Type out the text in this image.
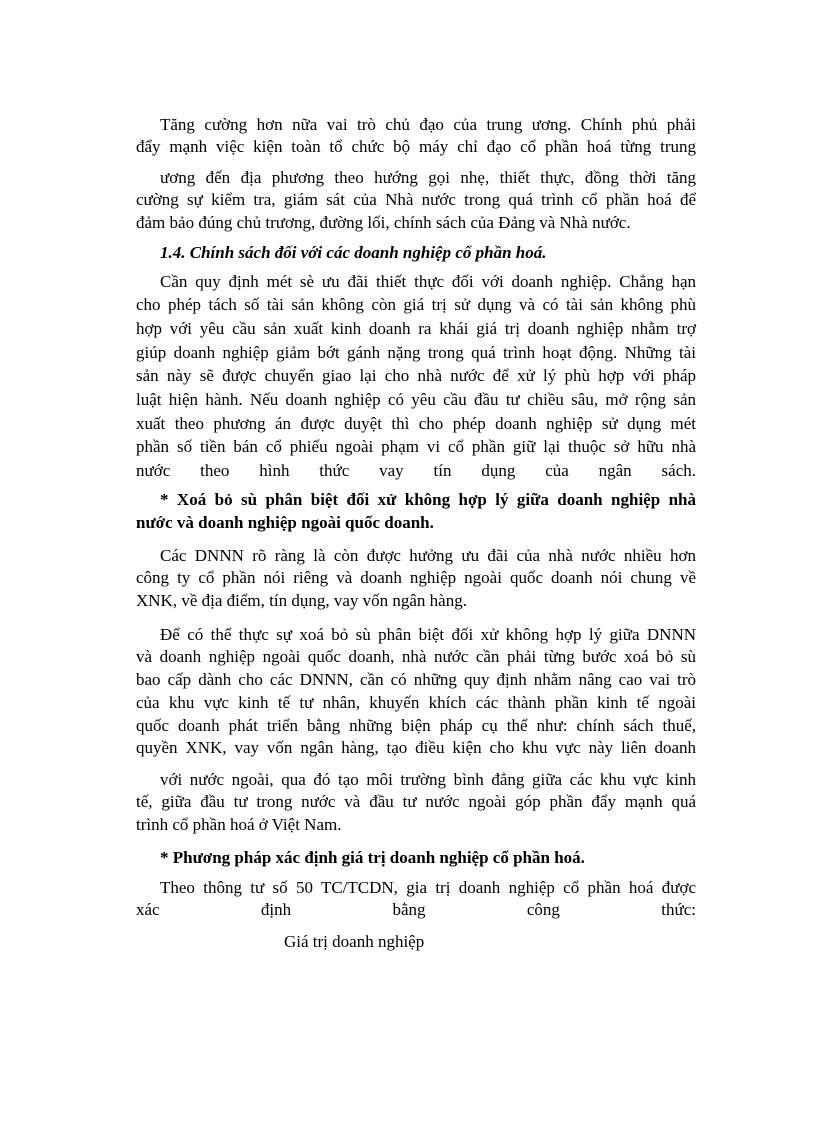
Tăng cường hơn nữa vai trò chủ đạo của trung ương. Chính phủ phải
đẩy mạnh việc kiện toàn tổ chức bộ máy chỉ đạo cổ phần hoá từng trung
ương đến địa phương theo hướng gọi nhẹ, thiết thực, đồng thời tăng
cường sự kiểm tra, giám sát của Nhà nước trong quá trình cổ phần hoá để
đảm bảo đúng chủ trương, đường lối, chính sách của Đảng và Nhà nước.
1.4. Chính sách đối với các doanh nghiệp cổ phần hoá.
Cần quy định mét sè ưu đãi thiết thực đối với doanh nghiệp. Chẳng hạn
cho phép tách số tài sản không còn giá trị sử dụng và có tài sản không phù
hợp với yêu cầu sản xuất kinh doanh ra khái giá trị doanh nghiệp nhằm trợ
giúp doanh nghiệp giảm bớt gánh nặng trong quá trình hoạt động. Những tài
sản này sẽ được chuyển giao lại cho nhà nước để xử lý phù hợp với pháp
luật hiện hành. Nếu doanh nghiệp có yêu cầu đầu tư chiều sâu, mở rộng sản
xuất theo phương án được duyệt thì cho phép doanh nghiệp sử dụng mét
phần số tiền bán cổ phiếu ngoài phạm vi cổ phần giữ lại thuộc sở hữu nhà
nước theo hình thức vay tín dụng của ngân sách.
* Xoá bỏ sù phân biệt đối xử không hợp lý giữa doanh nghiệp nhà
nước và doanh nghiệp ngoài quốc doanh.
Các DNNN rõ ràng là còn được hưởng ưu đãi của nhà nước nhiều hơn
công ty cổ phần nói riêng và doanh nghiệp ngoài quốc doanh nói chung về
XNK, về địa điểm, tín dụng, vay vốn ngân hàng.
Để có thể thực sự xoá bỏ sù phân biệt đối xử không hợp lý giữa DNNN
và doanh nghiệp ngoài quốc doanh, nhà nước cần phải từng bước xoá bỏ sù
bao cấp dành cho các DNNN, cần có những quy định nhằm nâng cao vai trò
của khu vực kinh tế tư nhân, khuyến khích các thành phần kinh tế ngoài
quốc doanh phát triển bằng những biện pháp cụ thể như: chính sách thuế,
quyền XNK, vay vốn ngân hàng, tạo điều kiện cho khu vực này liên doanh
với nước ngoài, qua đó tạo môi trường bình đẳng giữa các khu vực kinh
tế, giữa đầu tư trong nước và đầu tư nước ngoài góp phần đẩy mạnh quá
trình cổ phần hoá ở Việt Nam.
* Phương pháp xác định giá trị doanh nghiệp cổ phần hoá.
Theo thông tư số 50 TC/TCDN, gia trị doanh nghiệp cổ phần hoá được
xác định bằng công thức:
Giá trị doanh nghiệp
